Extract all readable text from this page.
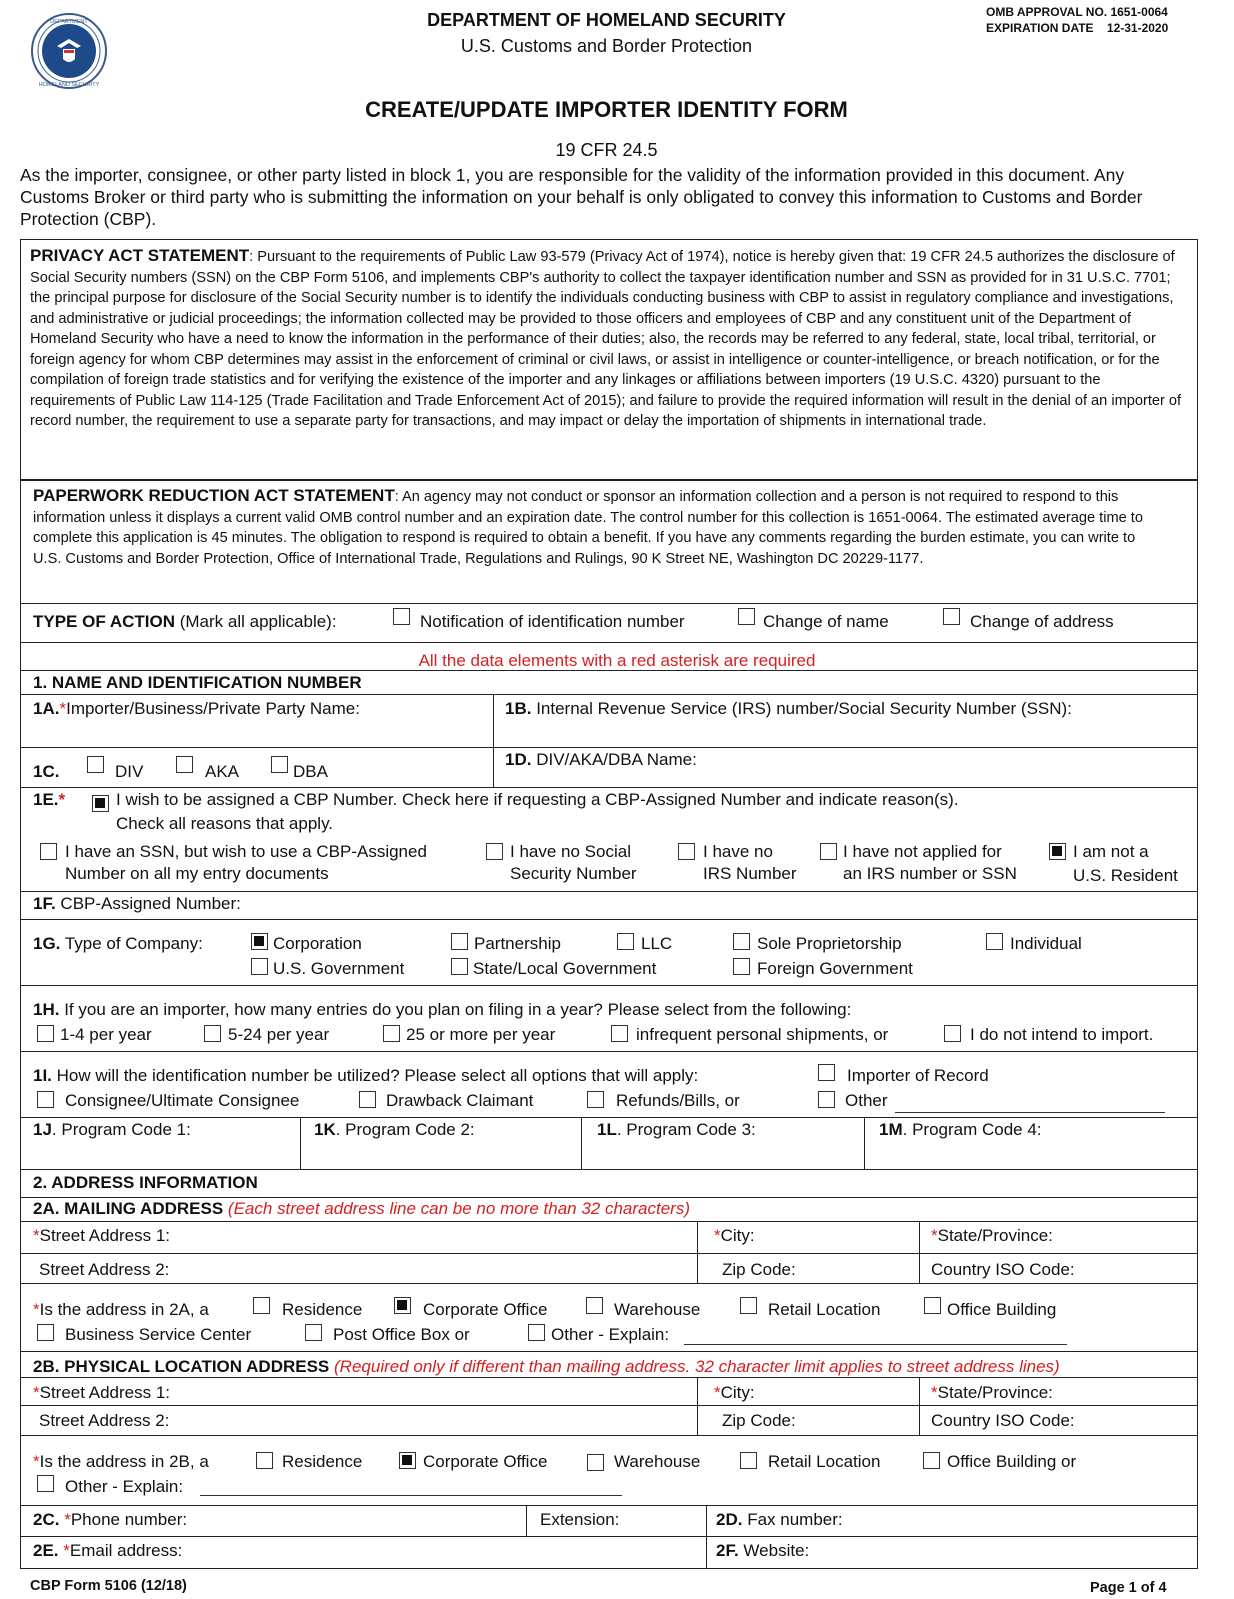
DEPARTMENT
HOMELAND SECURITY
DEPARTMENT OF HOMELAND SECURITY
U.S. Customs and Border Protection
OMB APPROVAL NO. 1651-0064
EXPIRATION DATE    12-31-2020
CREATE/UPDATE IMPORTER IDENTITY FORM
19 CFR 24.5
As the importer, consignee, or other party listed in block 1, you are responsible for the validity of the information provided in this document. Any Customs Broker or third party who is submitting the information on your behalf is only obligated to convey this information to Customs and Border Protection (CBP).
PRIVACY ACT STATEMENT: Pursuant to the requirements of Public Law 93-579 (Privacy Act of 1974), notice is hereby given that: 19 CFR 24.5 authorizes the disclosure of Social Security numbers (SSN) on the CBP Form 5106, and implements CBP's authority to collect the taxpayer identification number and SSN as provided for in 31 U.S.C. 7701; the principal purpose for disclosure of the Social Security number is to identify the individuals conducting business with CBP to assist in regulatory compliance and investigations, and administrative or judicial proceedings; the information collected may be provided to those officers and employees of CBP and any constituent unit of the Department of Homeland Security who have a need to know the information in the performance of their duties; also, the records may be referred to any federal, state, local tribal, territorial, or foreign agency for whom CBP determines may assist in the enforcement of criminal or civil laws, or assist in intelligence or counter-intelligence, or breach notification, or for the compilation of foreign trade statistics and for verifying the existence of the importer and any linkages or affiliations between importers (19 U.S.C. 4320) pursuant to the requirements of Public Law 114-125 (Trade Facilitation and Trade Enforcement Act of 2015); and failure to provide the required information will result in the denial of an importer of record number, the requirement to use a separate party for transactions, and may impact or delay the importation of shipments in international trade.
PAPERWORK REDUCTION ACT STATEMENT: An agency may not conduct or sponsor an information collection and a person is not required to respond to this information unless it displays a current valid OMB control number and an expiration date. The control number for this collection is 1651-0064. The estimated average time to complete this application is 45 minutes. The obligation to respond is required to obtain a benefit. If you have any comments regarding the burden estimate, you can write to U.S. Customs and Border Protection, Office of International Trade, Regulations and Rulings, 90 K Street NE, Washington DC 20229-1177.
TYPE OF ACTION (Mark all applicable):	Notification of identification number	Change of name	Change of address
All the data elements with a red asterisk are required
1. NAME AND IDENTIFICATION NUMBER
1A.*Importer/Business/Private Party Name:	1B. Internal Revenue Service (IRS) number/Social Security Number (SSN):
1C.	DIV	AKA	DBA
1D. DIV/AKA/DBA Name:
1E.*	I wish to be assigned a CBP Number. Check here if requesting a CBP-Assigned Number and indicate reason(s).
Check all reasons that apply.
I have an SSN, but wish to use a CBP-Assigned
Number on all my entry documents
I have no Social
Security Number
I have no
IRS Number
I have not applied for
an IRS number or SSN
I am not a
U.S. Resident
1F. CBP-Assigned Number:
1G. Type of Company:	Corporation	Partnership	LLC	Sole Proprietorship	Individual
U.S. Government	State/Local Government	Foreign Government
1H. If you are an importer, how many entries do you plan on filing in a year? Please select from the following:
1-4 per year	5-24 per year	25 or more per year	infrequent personal shipments, or	I do not intend to import.
1I. How will the identification number be utilized? Please select all options that will apply:	Importer of Record
Consignee/Ultimate Consignee	Drawback Claimant	Refunds/Bills, or	Other
1J. Program Code 1:	1K. Program Code 2:	1L. Program Code 3:	1M. Program Code 4:
2. ADDRESS INFORMATION
2A. MAILING ADDRESS (Each street address line can be no more than 32 characters)
*Street Address 1:	*City:	*State/Province:
Street Address 2:	Zip Code:	Country ISO Code:
*Is the address in 2A, a	Residence	Corporate Office	Warehouse	Retail Location	Office Building
Business Service Center	Post Office Box or	Other - Explain:
2B. PHYSICAL LOCATION ADDRESS (Required only if different than mailing address. 32 character limit applies to street address lines)
*Street Address 1:	*City:	*State/Province:
Street Address 2:	Zip Code:	Country ISO Code:
*Is the address in 2B, a	Residence	Corporate Office	Warehouse	Retail Location	Office Building or
Other - Explain:
2C. *Phone number:	Extension:	2D. Fax number:
2E. *Email address:	2F. Website:
CBP Form 5106 (12/18)	Page 1 of 4
